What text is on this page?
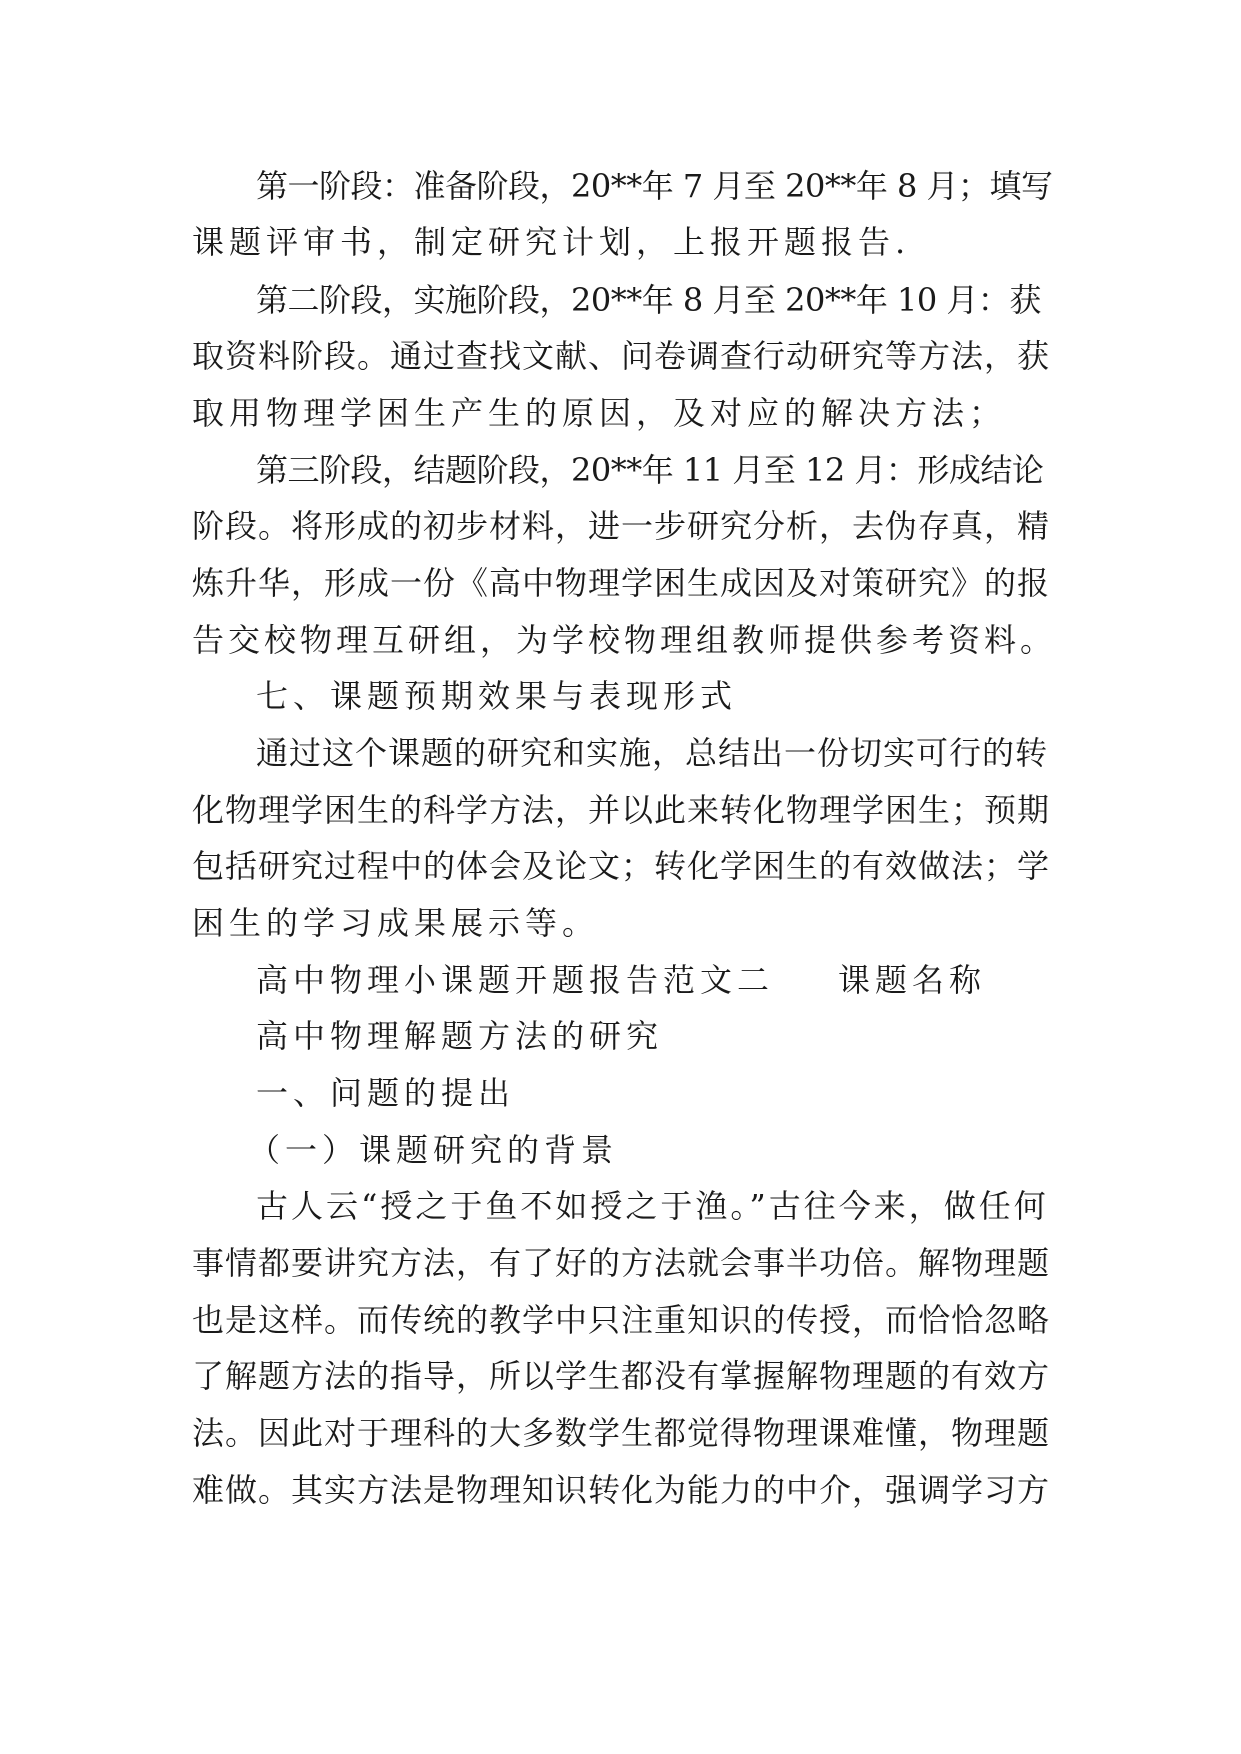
第一阶段：准备阶段，20**年 7 月至 20**年 8 月；填写
课题评审书，制定研究计划，上报开题报告.
第二阶段，实施阶段，20**年 8 月至 20**年 10 月：获
取资料阶段。通过查找文献、问卷调查行动研究等方法，获
取用物理学困生产生的原因，及对应的解决方法；
第三阶段，结题阶段，20**年 11 月至 12 月：形成结论
阶段。将形成的初步材料，进一步研究分析，去伪存真，精
炼升华，形成一份《高中物理学困生成因及对策研究》的报
告交校物理互研组，为学校物理组教师提供参考资料。
七、课题预期效果与表现形式
通过这个课题的研究和实施，总结出一份切实可行的转
化物理学困生的科学方法，并以此来转化物理学困生；预期
包括研究过程中的体会及论文；转化学困生的有效做法；学
困生的学习成果展示等。
高中物理小课题开题报告范文二 课题名称
高中物理解题方法的研究
一、问题的提出
（一）课题研究的背景
古人云“授之于鱼不如授之于渔。”古往今来，做任何
事情都要讲究方法，有了好的方法就会事半功倍。解物理题
也是这样。而传统的教学中只注重知识的传授，而恰恰忽略
了解题方法的指导，所以学生都没有掌握解物理题的有效方
法。因此对于理科的大多数学生都觉得物理课难懂，物理题
难做。其实方法是物理知识转化为能力的中介，强调学习方
